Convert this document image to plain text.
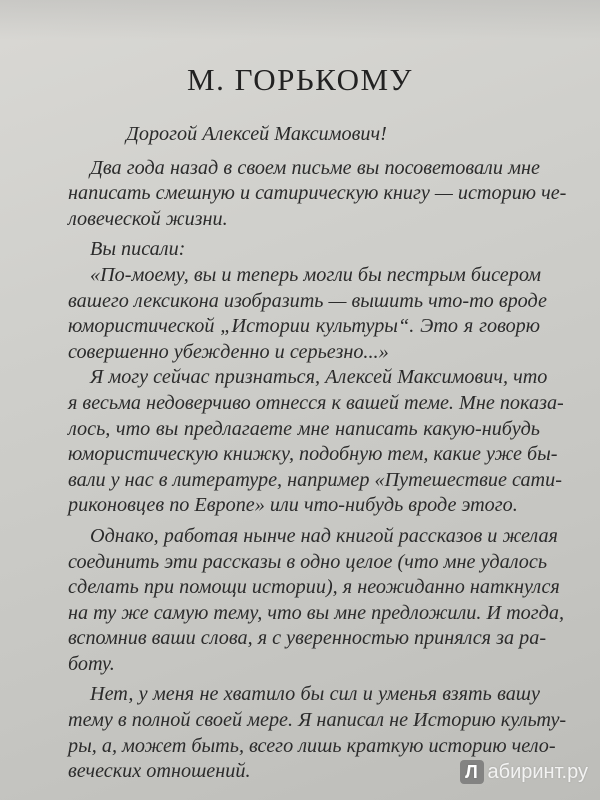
М. ГОРЬКОМУ
Дорогой Алексей Максимович!
Два года назад в своем письме вы посоветовали мне
написать смешную и сатирическую книгу — историю че-
ловеческой жизни.
Вы писали:
«По-моему, вы и теперь могли бы пестрым бисером
вашего лексикона изобразить — вышить что-то вроде
юмористической „Истории культуры“. Это я говорю
совершенно убежденно и серьезно...»
Я могу сейчас признаться, Алексей Максимович, что
я весьма недоверчиво отнесся к вашей теме. Мне показа-
лось, что вы предлагаете мне написать какую-нибудь
юмористическую книжку, подобную тем, какие уже бы-
вали у нас в литературе, например «Путешествие сати-
риконовцев по Европе» или что-нибудь вроде этого.
Однако, работая нынче над книгой рассказов и желая
соединить эти рассказы в одно целое (что мне удалось
сделать при помощи истории), я неожиданно наткнулся
на ту же самую тему, что вы мне предложили. И тогда,
вспомнив ваши слова, я с уверенностью принялся за ра-
боту.
Нет, у меня не хватило бы сил и уменья взять вашу
тему в полной своей мере. Я написал не Историю культу-
ры, а, может быть, всего лишь краткую историю чело-
веческих отношений.	Л абиринт.ру
